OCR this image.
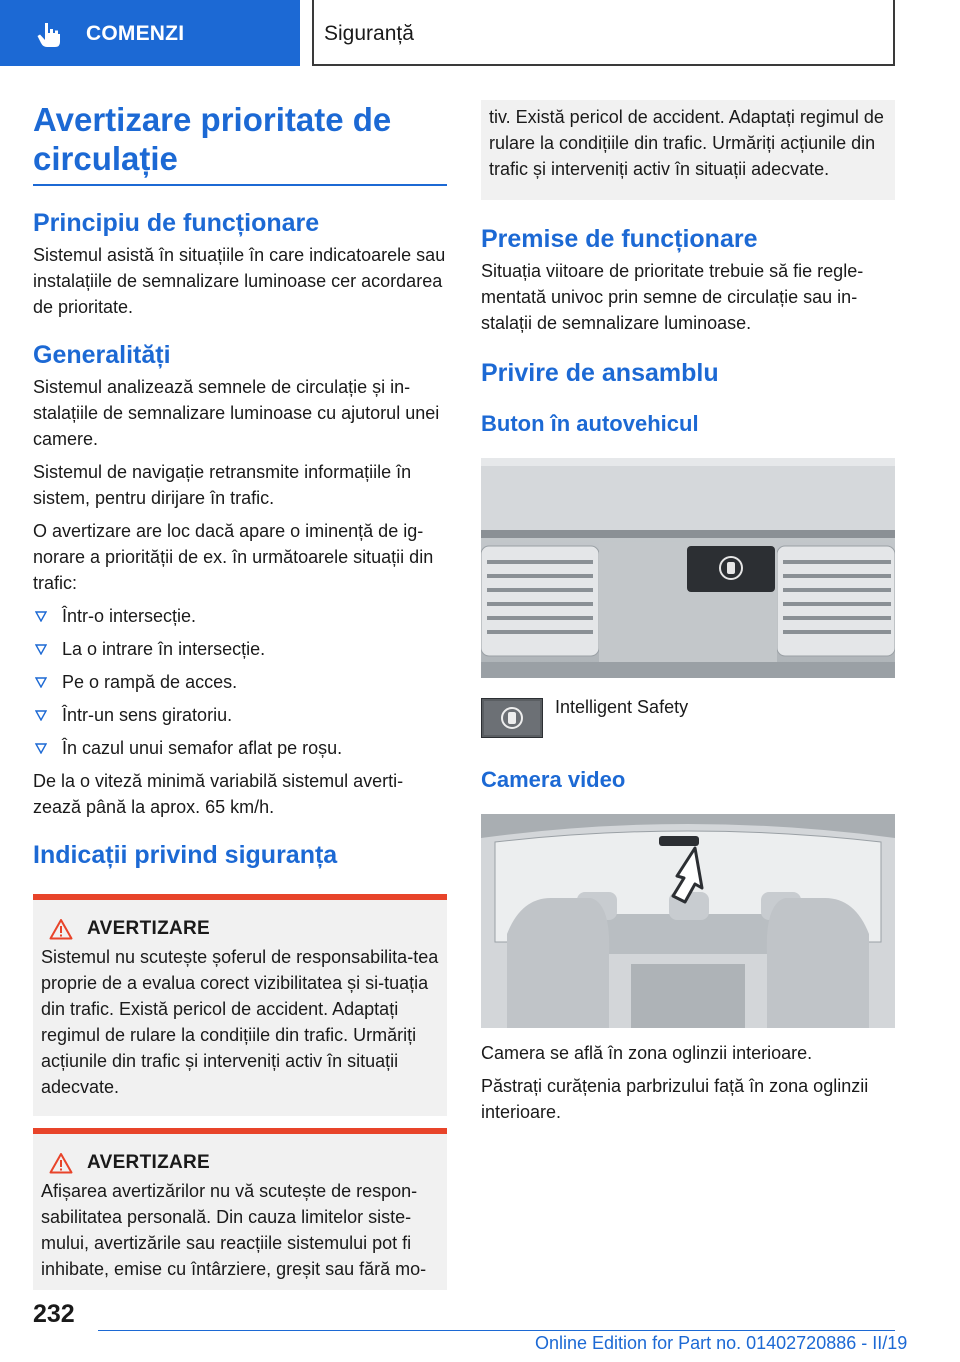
COMENZI	Siguranță
Avertizare prioritate de circulație
Principiu de funcționare

Sistemul asistă în situațiile în care indicatoarele sau instalațiile de semnalizare luminoase cer acordarea de prioritate.

Generalități

Sistemul analizează semnele de circulație și in-stalațiile de semnalizare luminoase cu ajutorul unei camere.

Sistemul de navigație retransmite informațiile în sistem, pentru dirijare în trafic.

O avertizare are loc dacă apare o iminență de ig-norare a priorității de ex. în următoarele situații din trafic:

Într-o intersecție.
La o intrare în intersecție.
Pe o rampă de acces.
Într-un sens giratoriu.
În cazul unui semafor aflat pe roșu.

De la o viteză minimă variabilă sistemul averti-zează până la aprox. 65 km/h.

Indicații privind siguranța
AVERTIZARE

Sistemul nu scutește șoferul de responsabilita-tea proprie de a evalua corect vizibilitatea și si-tuația din trafic. Există pericol de accident. Adaptați regimul de rulare la condițiile din trafic. Urmăriți acțiunile din trafic și interveniți activ în situații adecvate.

AVERTIZARE

Afișarea avertizărilor nu vă scutește de respon-sabilitatea personală. Din cauza limitelor siste-mului, avertizările sau reacțiile sistemului pot fi inhibate, emise cu întârziere, greșit sau fără mo-

tiv. Există pericol de accident. Adaptați regimul de rulare la condițiile din trafic. Urmăriți acțiunile din trafic și interveniți activ în situații adecvate.

Premise de funcționare

Situația viitoare de prioritate trebuie să fie regle-mentată univoc prin semne de circulație sau in-stalații de semnalizare luminoase.

Privire de ansamblu
Buton în autovehicul

Intelligent Safety

Camera video

Camera se află în zona oglinzii interioare.

Păstrați curățenia parbrizului față în zona oglinzii interioare.

232
Online Edition for Part no. 01402720886 - II/19
